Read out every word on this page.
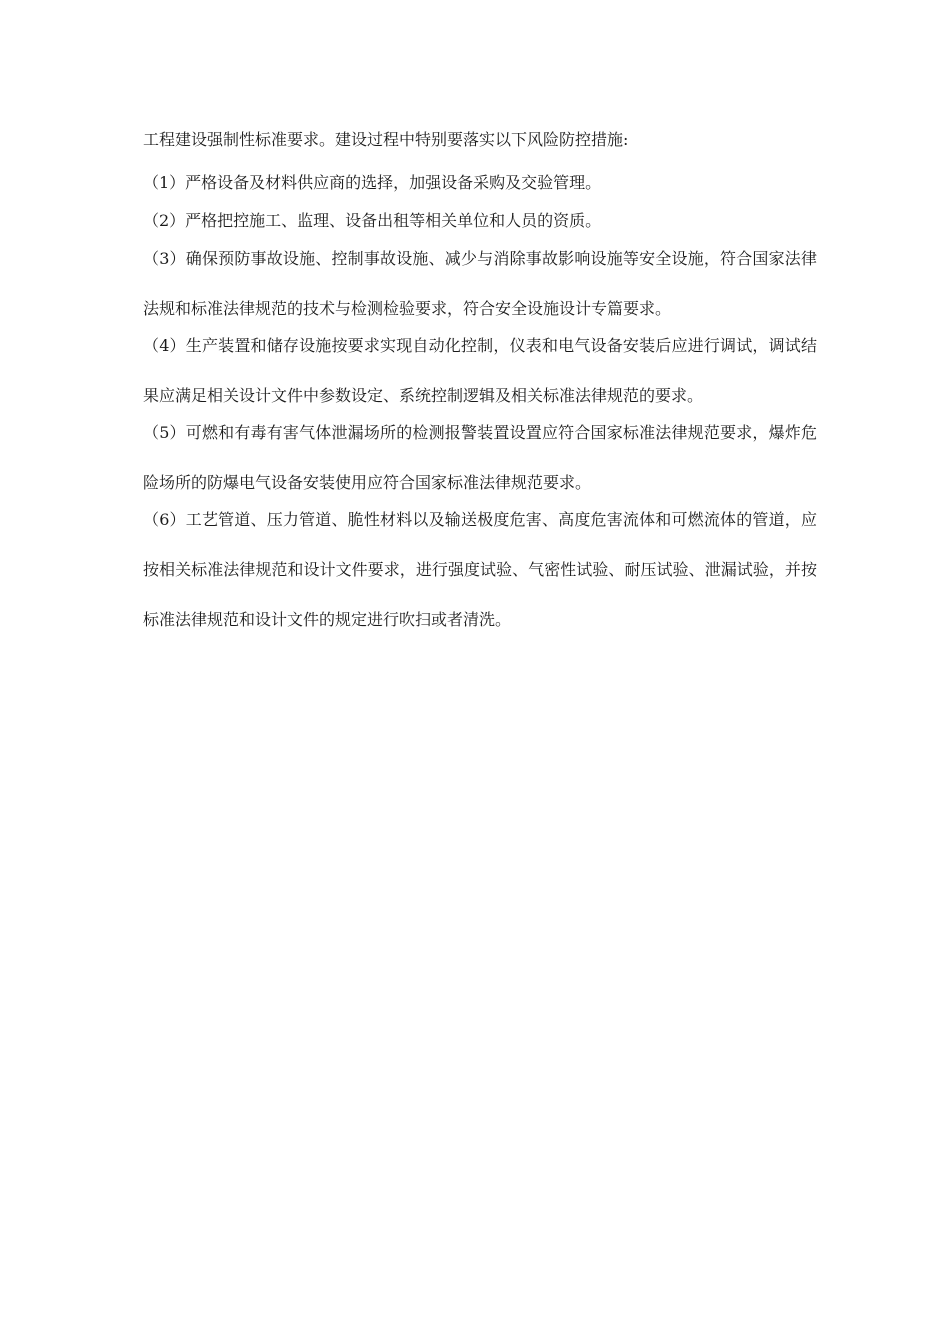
工程建设强制性标准要求。建设过程中特别要落实以下风险防控措施:

（1）严格设备及材料供应商的选择，加强设备采购及交验管理。

（2）严格把控施工、监理、设备出租等相关单位和人员的资质。

（3）确保预防事故设施、控制事故设施、减少与消除事故影响设施等安全设施，符合国家法律法规和标准法律规范的技术与检测检验要求，符合安全设施设计专篇要求。

（4）生产装置和储存设施按要求实现自动化控制，仪表和电气设备安装后应进行调试，调试结果应满足相关设计文件中参数设定、系统控制逻辑及相关标准法律规范的要求。

（5）可燃和有毒有害气体泄漏场所的检测报警装置设置应符合国家标准法律规范要求，爆炸危险场所的防爆电气设备安装使用应符合国家标准法律规范要求。

（6）工艺管道、压力管道、脆性材料以及输送极度危害、高度危害流体和可燃流体的管道，应按相关标准法律规范和设计文件要求，进行强度试验、气密性试验、耐压试验、泄漏试验，并按标准法律规范和设计文件的规定进行吹扫或者清洗。
